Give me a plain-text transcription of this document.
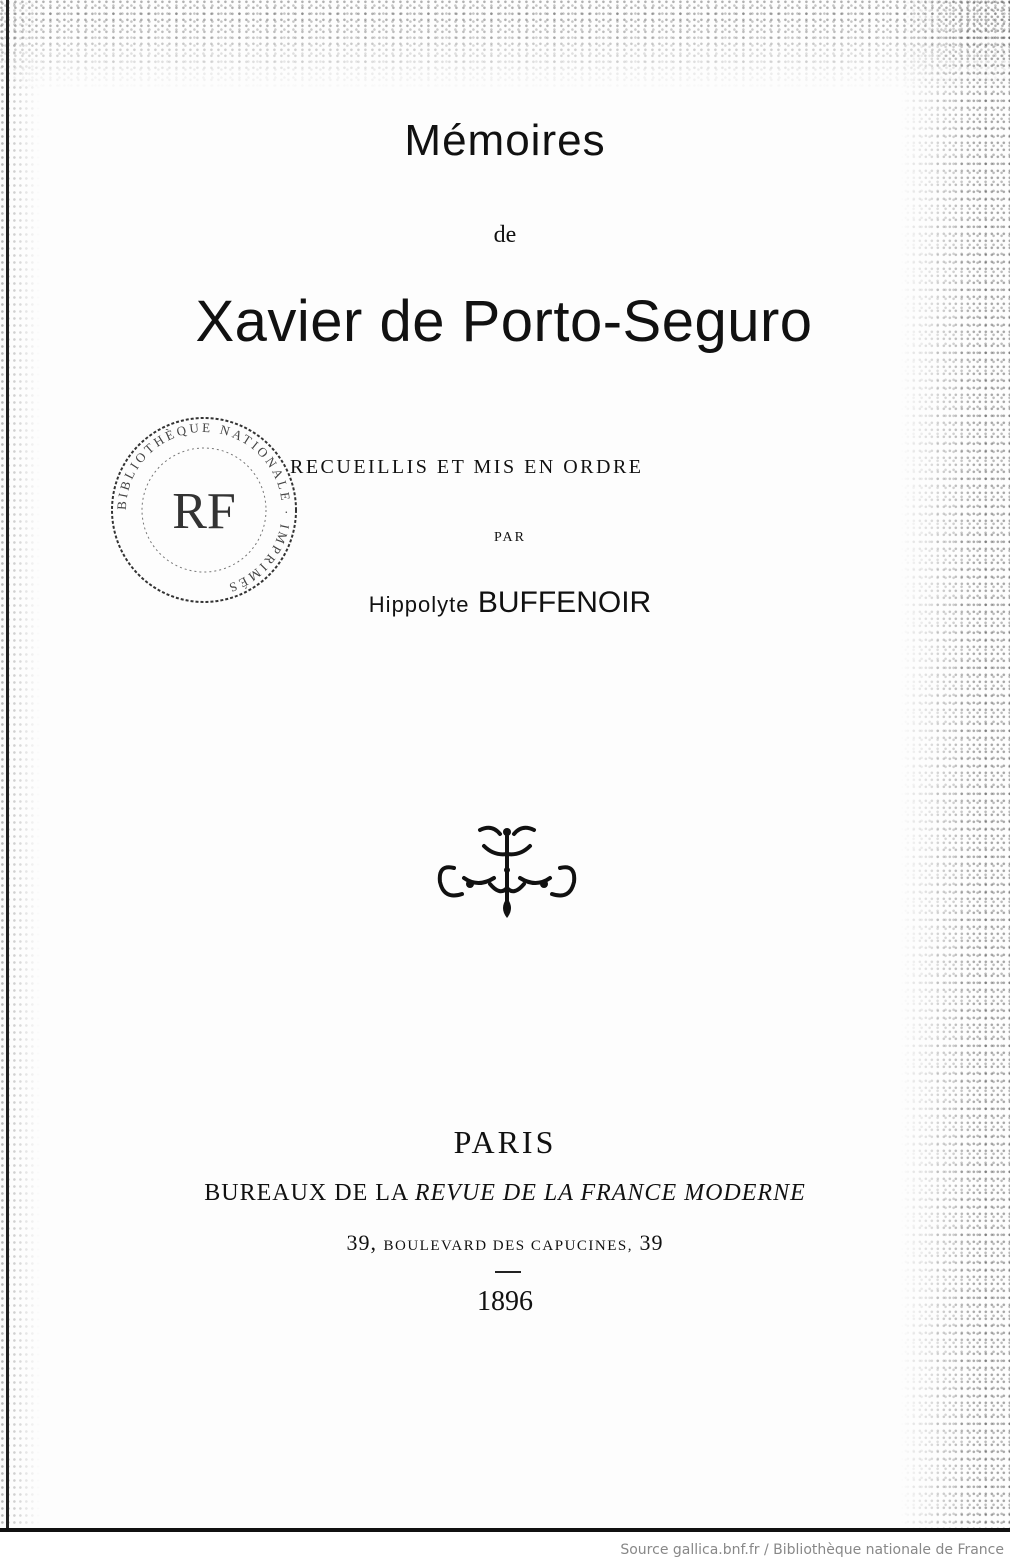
Mémoires
de
Xavier de Porto-Seguro
BIBLIOTHÈQUE NATIONALE · IMPRIMÉS
RF
RECUEILLIS ET MIS EN ORDRE
PAR
Hippolyte BUFFENOIR
PARIS
BUREAUX DE LA REVUE DE LA FRANCE MODERNE
39, BOULEVARD DES CAPUCINES, 39
1896
Source gallica.bnf.fr / Bibliothèque nationale de France
